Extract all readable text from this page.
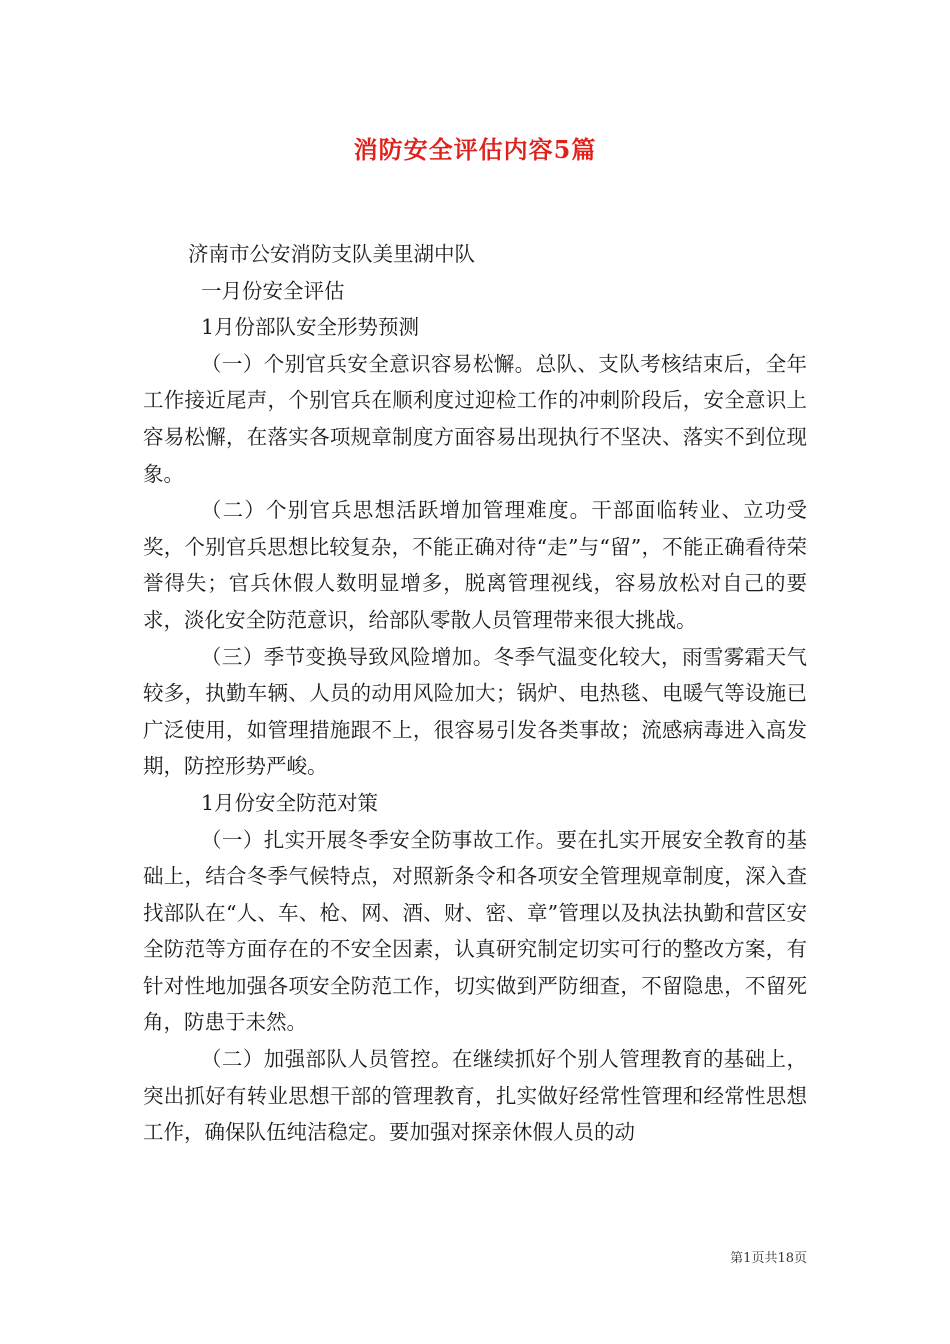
消防安全评估内容5篇

济南市公安消防支队美里湖中队

一月份安全评估

1月份部队安全形势预测

（一）个别官兵安全意识容易松懈。总队、支队考核结束后，全年工作接近尾声，个别官兵在顺利度过迎检工作的冲刺阶段后，安全意识上容易松懈，在落实各项规章制度方面容易出现执行不坚决、落实不到位现象。

（二）个别官兵思想活跃增加管理难度。干部面临转业、立功受奖，个别官兵思想比较复杂，不能正确对待“走”与“留”，不能正确看待荣誉得失；官兵休假人数明显增多，脱离管理视线，容易放松对自己的要求，淡化安全防范意识，给部队零散人员管理带来很大挑战。

（三）季节变换导致风险增加。冬季气温变化较大，雨雪雾霜天气较多，执勤车辆、人员的动用风险加大；锅炉、电热毯、电暖气等设施已广泛使用，如管理措施跟不上，很容易引发各类事故；流感病毒进入高发期，防控形势严峻。

1月份安全防范对策

（一）扎实开展冬季安全防事故工作。要在扎实开展安全教育的基础上，结合冬季气候特点，对照新条令和各项安全管理规章制度，深入查找部队在“人、车、枪、网、酒、财、密、章”管理以及执法执勤和营区安全防范等方面存在的不安全因素，认真研究制定切实可行的整改方案，有针对性地加强各项安全防范工作，切实做到严防细查，不留隐患，不留死角，防患于未然。

（二）加强部队人员管控。在继续抓好个别人管理教育的基础上，突出抓好有转业思想干部的管理教育，扎实做好经常性管理和经常性思想工作，确保队伍纯洁稳定。要加强对探亲休假人员的动

第1页共18页
